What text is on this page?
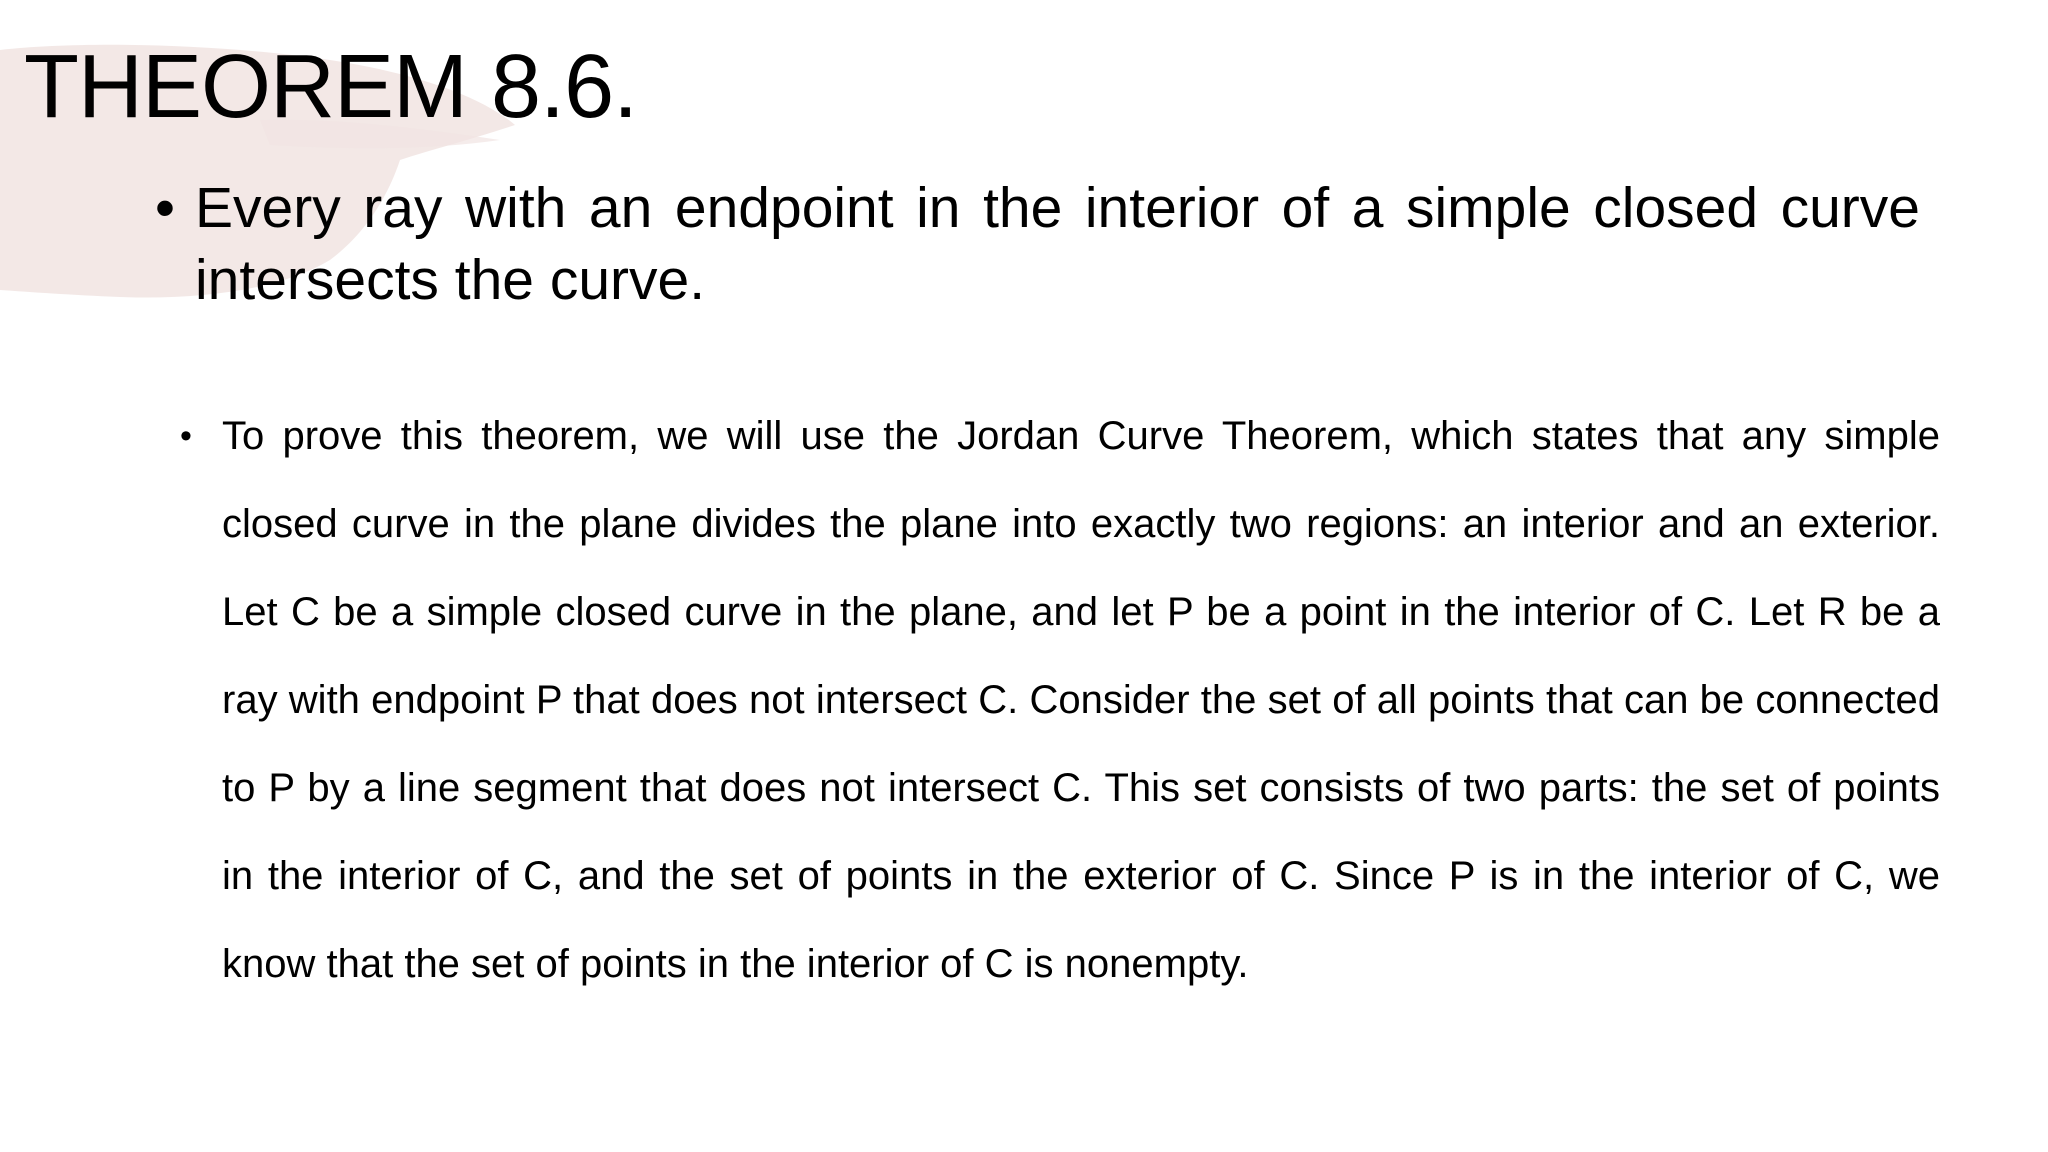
THEOREM 8.6.
• Every ray with an endpoint in the interior of a simple closed curve intersects the curve.
• To prove this theorem, we will use the Jordan Curve Theorem, which states that any simple closed curve in the plane divides the plane into exactly two regions: an interior and an exterior. Let C be a simple closed curve in the plane, and let P be a point in the interior of C. Let R be a ray with endpoint P that does not intersect C. Consider the set of all points that can be connected to P by a line segment that does not intersect C. This set consists of two parts: the set of points in the interior of C, and the set of points in the exterior of C. Since P is in the interior of C, we know that the set of points in the interior of C is nonempty.
